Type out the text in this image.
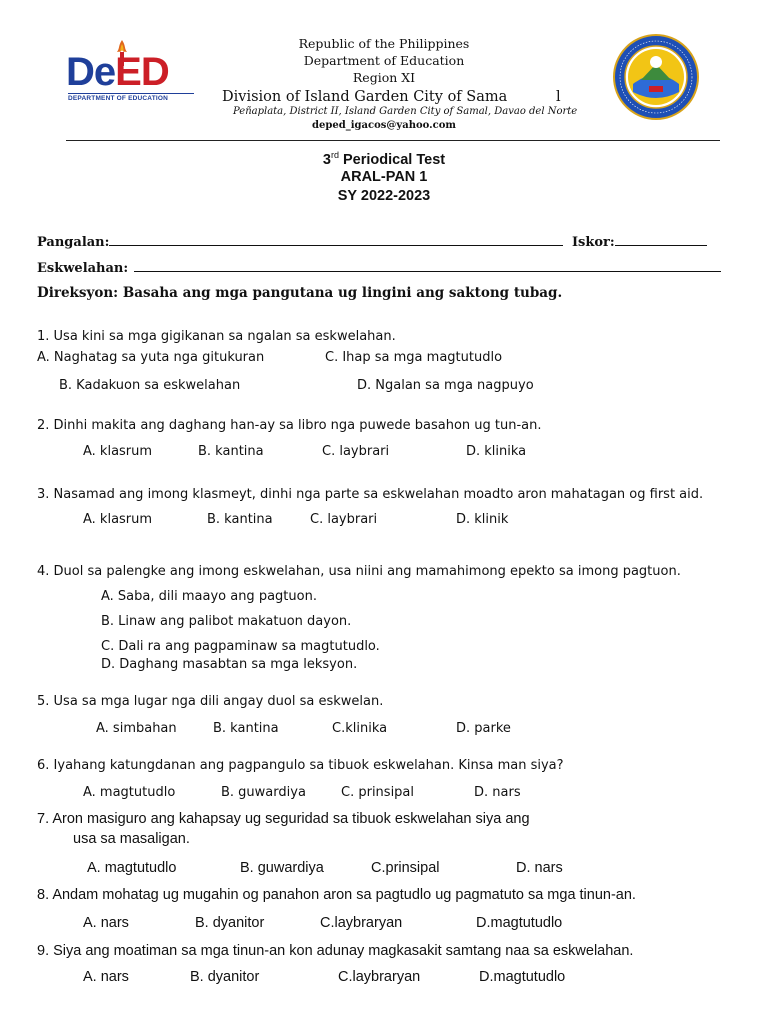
DeED
DEPARTMENT OF EDUCATION
Republic of the Philippines
Department of Education
Region XI
Division of Island Garden City of Sama	l
Peñaplata, District II, Island Garden City of Samal, Davao del Norte
deped_igacos@yahoo.com
3rd Periodical Test
ARAL-PAN 1
SY 2022-2023
Pangalan:	Iskor:
Eskwelahan:
Direksyon: Basaha ang mga pangutana ug lingini ang saktong tubag.
1. Usa kini sa mga gigikanan sa ngalan sa eskwelahan.
A. Naghatag sa yuta nga gitukuran	C. Ihap sa mga magtutudlo
B. Kadakuon sa eskwelahan	D. Ngalan sa mga nagpuyo
2. Dinhi makita ang daghang han-ay sa libro nga puwede basahon ug tun-an.
A. klasrum	B. kantina	C. laybrari	D. klinika
3. Nasamad ang imong klasmeyt, dinhi nga parte sa eskwelahan moadto aron mahatagan og first aid.
A. klasrum	B. kantina	C. laybrari	D. klinik
4. Duol sa palengke ang imong eskwelahan, usa niini ang mamahimong epekto sa imong pagtuon.
A. Saba, dili maayo ang pagtuon.
B. Linaw ang palibot makatuon dayon.
C. Dali ra ang pagpaminaw sa magtutudlo.
D. Daghang masabtan sa mga leksyon.
5. Usa sa mga lugar nga dili angay duol sa eskwelan.
A. simbahan	B. kantina	C.klinika	D. parke
6. Iyahang katungdanan ang pagpangulo sa tibuok eskwelahan. Kinsa man siya?
A. magtutudlo	B. guwardiya	C. prinsipal	D. nars
7. Aron masiguro ang kahapsay ug seguridad sa tibuok eskwelahan siya ang
usa sa masaligan.
A. magtutudlo	B. guwardiya	C.prinsipal	D. nars
8. Andam mohatag ug mugahin og panahon aron sa pagtudlo ug pagmatuto sa mga tinun-an.
A. nars	B. dyanitor	C.laybraryan	D.magtutudlo
9. Siya ang moatiman sa mga tinun-an kon adunay magkasakit samtang naa sa eskwelahan.
A. nars	B. dyanitor	C.laybraryan	D.magtutudlo
